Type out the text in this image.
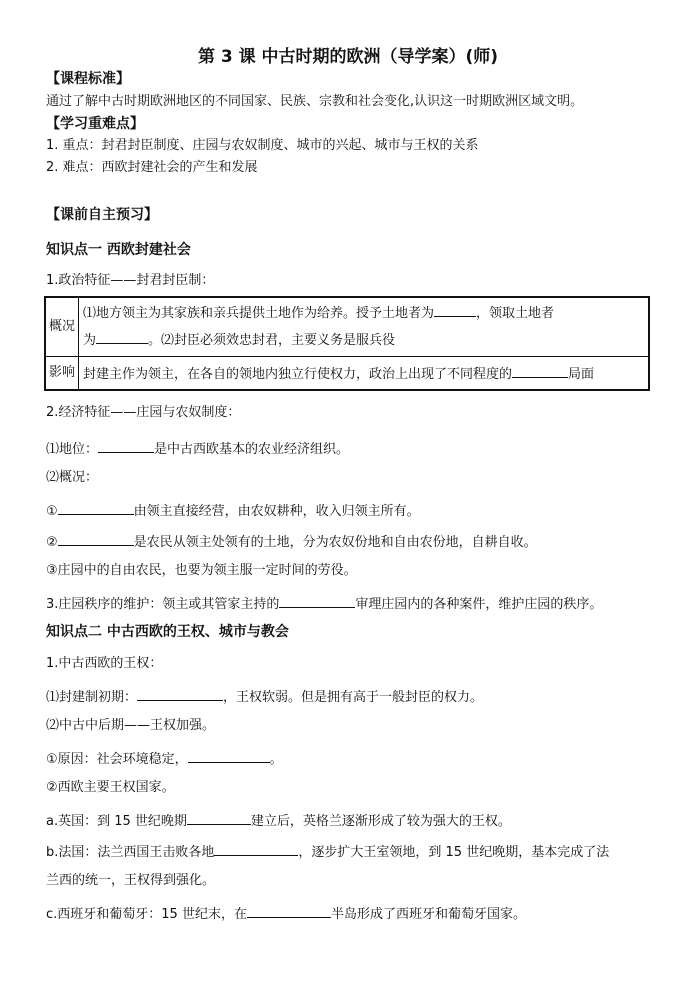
第 3 课 中古时期的欧洲（导学案）(师)
【课程标准】
通过了解中古时期欧洲地区的不同国家、民族、宗教和社会变化,认识这一时期欧洲区域文明。
【学习重难点】
1. 重点：封君封臣制度、庄园与农奴制度、城市的兴起、城市与王权的关系
2. 难点：西欧封建社会的产生和发展
【课前自主预习】
知识点一 西欧封建社会
1.政治特征——封君封臣制：
概况	⑴地方领主为其家族和亲兵提供土地作为给养。授予土地者为 ，领取土地者
为 。⑵封臣必须效忠封君，主要义务是服兵役

影响	封建主作为领主，在各自的领地内独立行使权力，政治上出现了不同程度的 局面
2.经济特征——庄园与农奴制度：
⑴地位：	是中古西欧基本的农业经济组织。
⑵概况：
①	由领主直接经营，由农奴耕种，收入归领主所有。
②	是农民从领主处领有的土地，分为农奴份地和自由农份地，自耕自收。
③庄园中的自由农民，也要为领主服一定时间的劳役。
3.庄园秩序的维护：领主或其管家主持的	审理庄园内的各种案件，维护庄园的秩序。
知识点二 中古西欧的王权、城市与教会
1.中古西欧的王权：
⑴封建制初期：	，王权软弱。但是拥有高于一般封臣的权力。
⑵中古中后期——王权加强。
①原因：社会环境稳定，	。
②西欧主要王权国家。
a.英国：到 15 世纪晚期	建立后，英格兰逐渐形成了较为强大的王权。
b.法国：法兰西国王击败各地	，逐步扩大王室领地，到 15 世纪晚期，基本完成了法
兰西的统一，王权得到强化。
c.西班牙和葡萄牙：15 世纪末，在	半岛形成了西班牙和葡萄牙国家。
